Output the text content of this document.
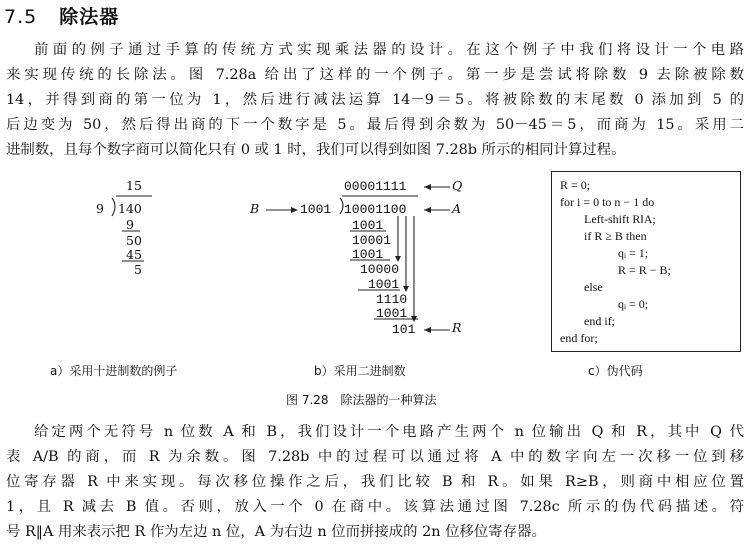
7.5 除法器
前面的例子通过手算的传统方式实现乘法器的设计。在这个例子中我们将设计一个电路
来实现传统的长除法。图 7.28a 给出了这样的一个例子。第一步是尝试将除数 9 去除被除数
14，并得到商的第一位为 1，然后进行减法运算 14－9＝5。将被除数的末尾数 0 添加到 5 的
后边变为 50，然后得出商的下一个数字是 5。最后得到余数为 50－45＝5，而商为 15。采用二
进制数，且每个数字商可以简化只有 0 或 1 时，我们可以得到如图 7.28b 所示的相同计算过程。
15
9 140
9
50
45
5
00001111	Q
B	1001 10001100	A
1001
10001
1001
10000
1001
1110
1001
101	R
R = 0;
for i = 0 to n − 1 do
Left-shift R‖A;
if R ≥ B then
qᵢ = 1;
R = R − B;
else
qᵢ = 0;
end if;
end for;
a）采用十进制数的例子	b）采用二进制数	c）伪代码
图 7.28　除法器的一种算法
给定两个无符号 n 位数 A 和 B，我们设计一个电路产生两个 n 位输出 Q 和 R，其中 Q 代
表 A/B 的商，而 R 为余数。图 7.28b 中的过程可以通过将 A 中的数字向左一次移一位到移
位寄存器 R 中来实现。每次移位操作之后，我们比较 B 和 R。如果 R≥B，则商中相应位置
1，且 R 减去 B 值。否则，放入一个 0 在商中。该算法通过图 7.28c 所示的伪代码描述。符
号 R‖A 用来表示把 R 作为左边 n 位，A 为右边 n 位而拼接成的 2n 位移位寄存器。
